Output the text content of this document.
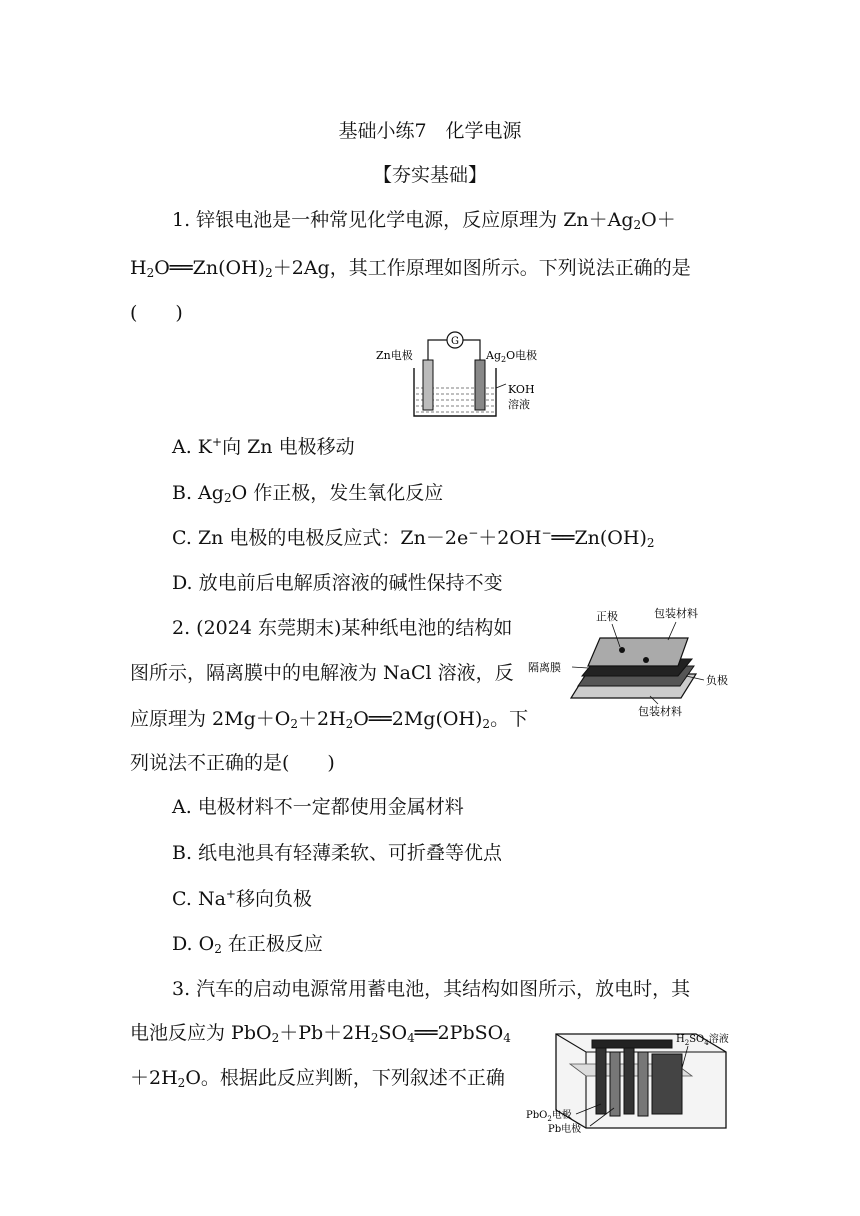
基础小练7　化学电源
【夯实基础】
1. 锌银电池是一种常见化学电源，反应原理为 $Zn+Ag_2O+$
$H_2O══Zn(OH)_2+2Ag$，其工作原理如图所示。下列说法正确的是
(　　)
G
Zn电极	$Ag_2O$电极
KOH
溶液
A. K+向 Zn 电极移动
B. $Ag_2O$ 作正极，发生氧化反应
C. Zn 电极的电极反应式：$Zn-2e^-+2OH^-══Zn(OH)_2$
D. 放电前后电解质溶液的碱性保持不变
2. (2024 东莞期末)某种纸电池的结构如
图所示，隔离膜中的电解液为 NaCl 溶液，反
应原理为 $2Mg+O_2+2H_2O══2Mg(OH)_2$。下
列说法不正确的是(　　)
正极	包装材料
隔离膜
负极
包装材料
A. 电极材料不一定都使用金属材料
B. 纸电池具有轻薄柔软、可折叠等优点
C. Na+移向负极
D. $O_2$ 在正极反应
3. 汽车的启动电源常用蓄电池，其结构如图所示，放电时，其
电池反应为 $PbO_2+Pb+2H_2SO_4══2PbSO_4$
$+2H_2O$。根据此反应判断，下列叙述不正确
$H_2SO_4$溶液
PbO$_2$电极
Pb电极
